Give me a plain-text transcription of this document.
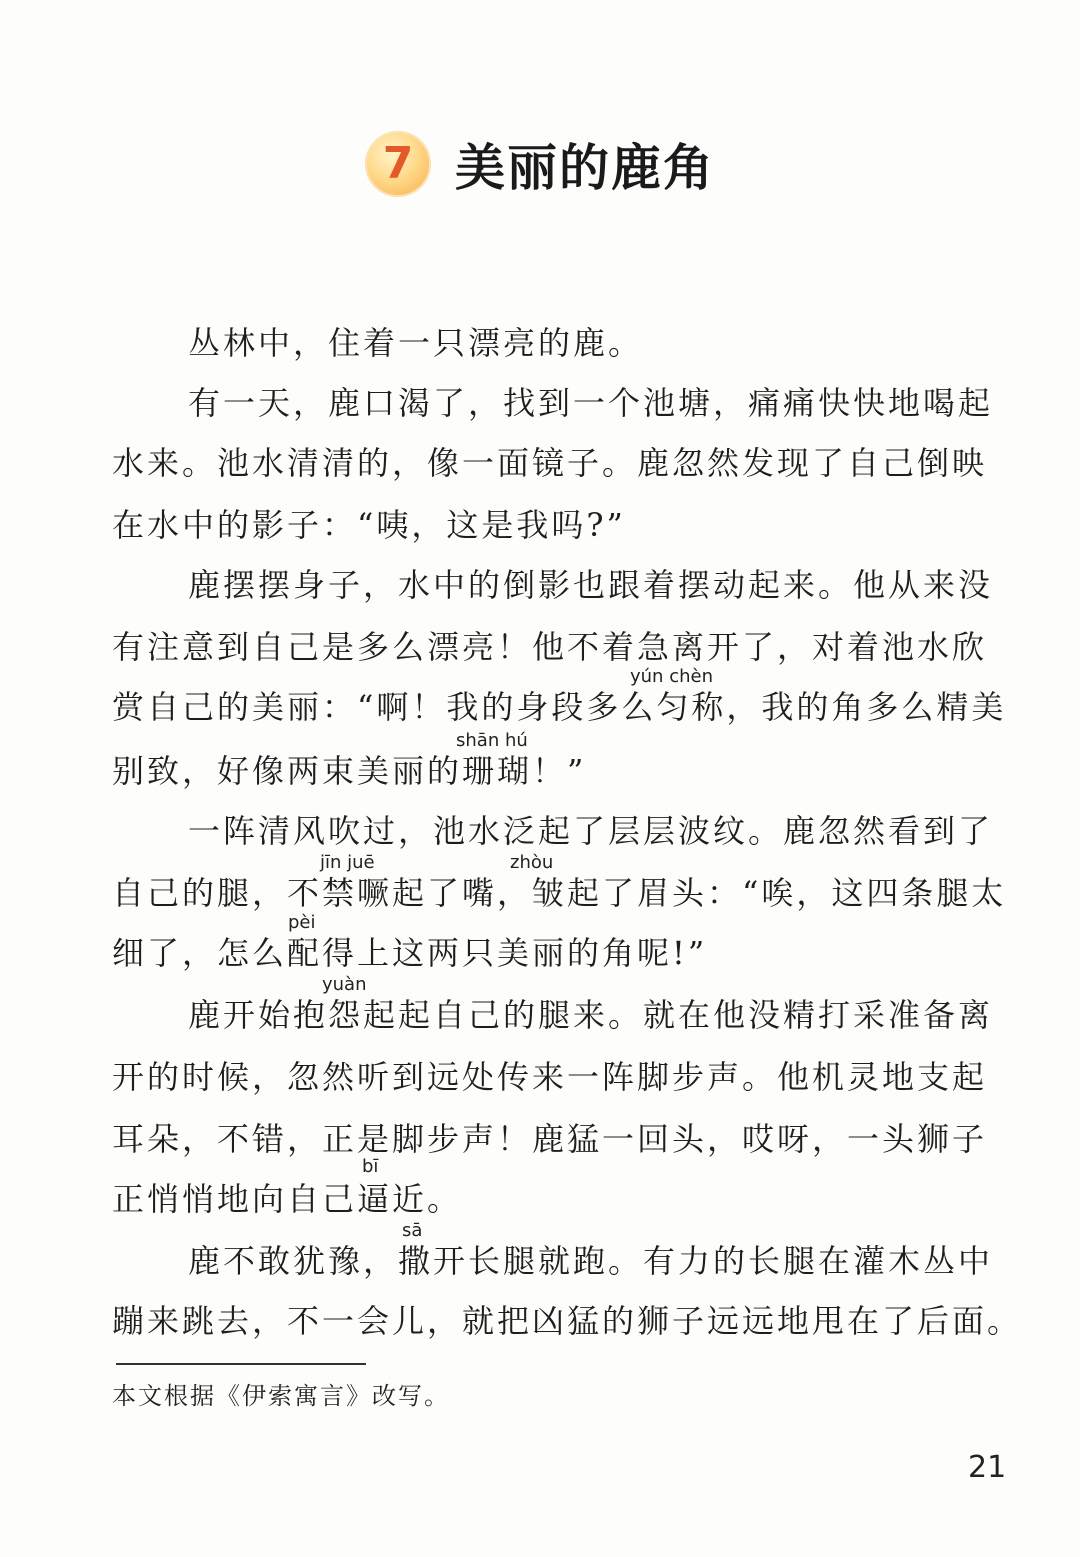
7 美丽的鹿角
丛林中，住着一只漂亮的鹿。
有一天，鹿口渴了，找到一个池塘，痛痛快快地喝起
水来。池水清清的，像一面镜子。鹿忽然发现了自己倒映
在水中的影子：“咦，这是我吗?”
鹿摆摆身子，水中的倒影也跟着摆动起来。他从来没
有注意到自己是多么漂亮！他不着急离开了，对着池水欣
yún chèn
赏自己的美丽：“啊！我的身段多么匀称，我的角多么精美
shān hú
别致，好像两束美丽的珊瑚！”
一阵清风吹过，池水泛起了层层波纹。鹿忽然看到了
jīn juē	zhòu
自己的腿，不禁噘起了嘴，皱起了眉头：“唉，这四条腿太
pèi
细了，怎么配得上这两只美丽的角呢!”
yuàn
鹿开始抱怨起起自己的腿来。就在他没精打采准备离
开的时候，忽然听到远处传来一阵脚步声。他机灵地支起
耳朵，不错，正是脚步声！鹿猛一回头，哎呀，一头狮子
bī
正悄悄地向自己逼近。
sā
鹿不敢犹豫，撒开长腿就跑。有力的长腿在灌木丛中
蹦来跳去，不一会儿，就把凶猛的狮子远远地甩在了后面。
本文根据《伊索寓言》改写。
21
